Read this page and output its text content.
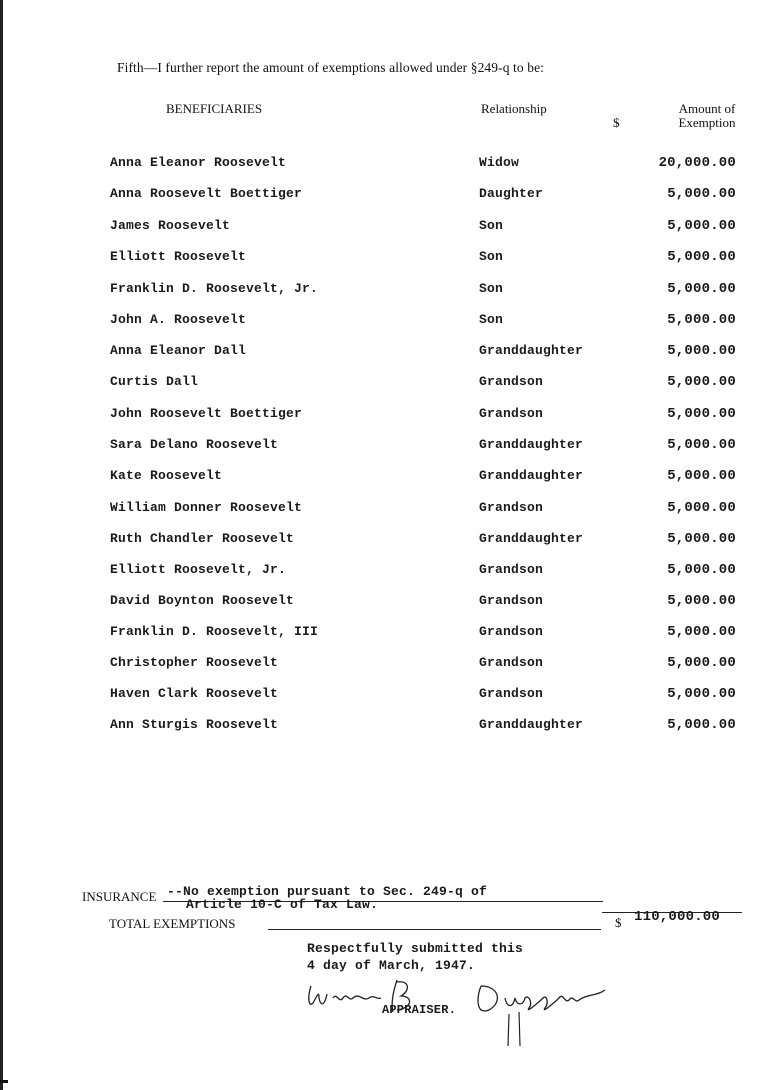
Fifth—I further report the amount of exemptions allowed under §249-q to be:
BENEFICIARIES	Relationship
$
Amount of
Exemption
Anna Eleanor Roosevelt	Widow	20,000.00
Anna Roosevelt Boettiger	Daughter	5,000.00
James Roosevelt	Son	5,000.00
Elliott Roosevelt	Son	5,000.00
Franklin D. Roosevelt, Jr.	Son	5,000.00
John A. Roosevelt	Son	5,000.00
Anna Eleanor Dall	Granddaughter	5,000.00
Curtis Dall	Grandson	5,000.00
John Roosevelt Boettiger	Grandson	5,000.00
Sara Delano Roosevelt	Granddaughter	5,000.00
Kate Roosevelt	Granddaughter	5,000.00
William Donner Roosevelt	Grandson	5,000.00
Ruth Chandler Roosevelt	Granddaughter	5,000.00
Elliott Roosevelt, Jr.	Grandson	5,000.00
David Boynton Roosevelt	Grandson	5,000.00
Franklin D. Roosevelt, III	Grandson	5,000.00
Christopher Roosevelt	Grandson	5,000.00
Haven Clark Roosevelt	Grandson	5,000.00
Ann Sturgis Roosevelt	Granddaughter	5,000.00
INSURANCE --No exemption pursuant to Sec. 249-q of
Article 10-C of Tax Law.
TOTAL EXEMPTIONS	$ 110,000.00
Respectfully submitted this
4 day of March, 1947.
APPRAISER.
